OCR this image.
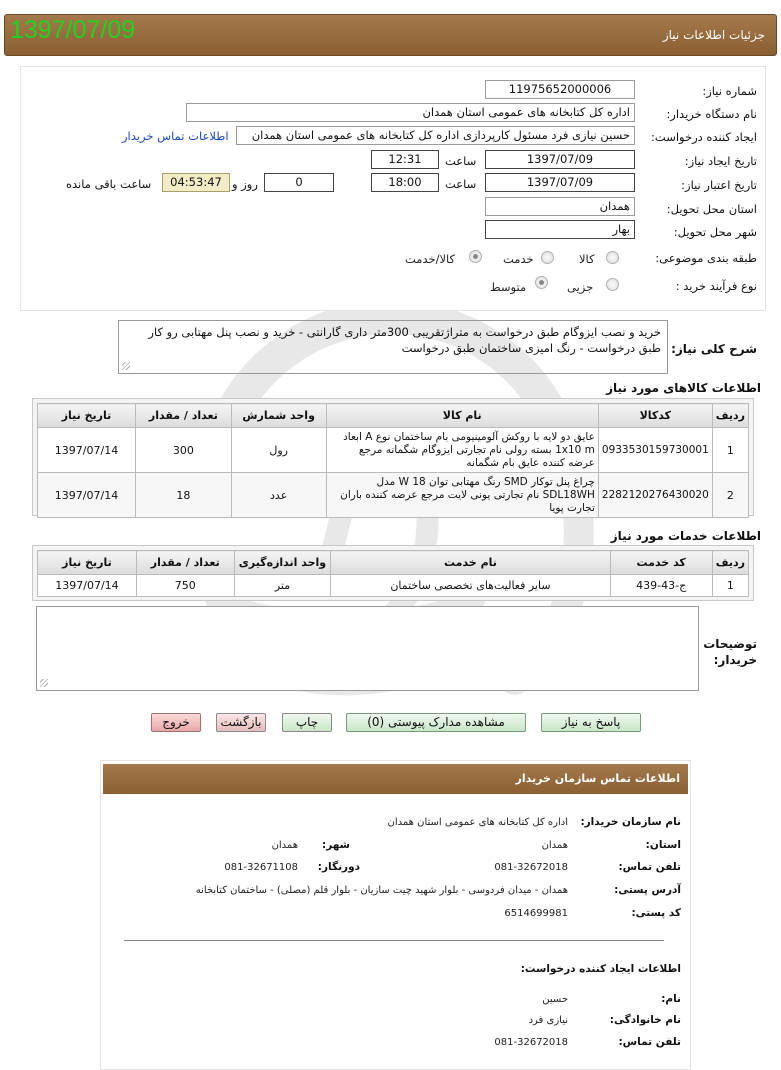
1397/07/09	جزئیات اطلاعات نیاز
شماره نیاز:
11975652000006
نام دستگاه خریدار:
اداره کل کتابخانه های عمومی استان همدان
ایجاد کننده درخواست:
حسین نیازی فرد مسئول کارپردازی اداره کل کتابخانه های عمومی استان همدان
اطلاعات تماس خریدار
تاریخ ایجاد نیاز:
1397/07/09
ساعت
12:31
تاریخ اعتبار نیاز:
1397/07/09
ساعت
18:00
0
روز و
04:53:47
ساعت باقی مانده
استان محل تحویل:
همدان
شهر محل تحویل:
بهار
طبقه بندی موضوعی:
کالا
خدمت
کالا/خدمت
نوع فرآیند خرید :
جزیی
متوسط
شرح کلی نیاز:
خرید و نصب ایزوگام طبق درخواست به متراژتقریبی 300متر داری گارانتی - خرید و نصب پنل مهتابی رو کار طبق درخواست - رنگ امیزی ساختمان طبق درخواست
اطلاعات کالاهای مورد نیاز
ردیف	کدکالا	نام کالا	واحد شمارش	تعداد / مقدار	تاریخ نیاز
1	0933530159730001	عایق دو لایه با روکش آلومینیومی بام ساختمان نوع A ابعاد 1x10 m بسته رولی نام تجارتی ایزوگام شگمانه مرجع عرضه کننده عایق بام شگمانه	رول	300	1397/07/14
2	2282120276430020	چراغ پنل توکار SMD رنگ مهتابی توان 18 W مدل SDL18WH نام تجارتی یونی لایت مرجع عرضه کننده باران تجارت پویا	عدد	18	1397/07/14
اطلاعات خدمات مورد نیاز
ردیف	کد خدمت	نام خدمت	واحد اندازه‌گیری	تعداد / مقدار	تاریخ نیاز
1	ج-43-439	سایر فعالیت‌های تخصصی ساختمان	متر	750	1397/07/14
توضیحات خریدار:
پاسخ به نیاز
مشاهده مدارک پیوستی (0)
چاپ
بازگشت
خروج
اطلاعات تماس سازمان خریدار
نام سازمان خریدار:
اداره کل کتابخانه های عمومی استان همدان
استان:
همدان
شهر:
همدان
تلفن تماس:
081-32672018
دورنگار:
081-32671108
آدرس پستی:
همدان - میدان فردوسی - بلوار شهید چیت سازیان - بلوار قلم (مصلی) - ساختمان کتابخانه
کد پستی:
6514699981
اطلاعات ایجاد کننده درخواست:
نام:
حسین
نام خانوادگی:
نیازی فرد
تلفن تماس:
081-32672018
